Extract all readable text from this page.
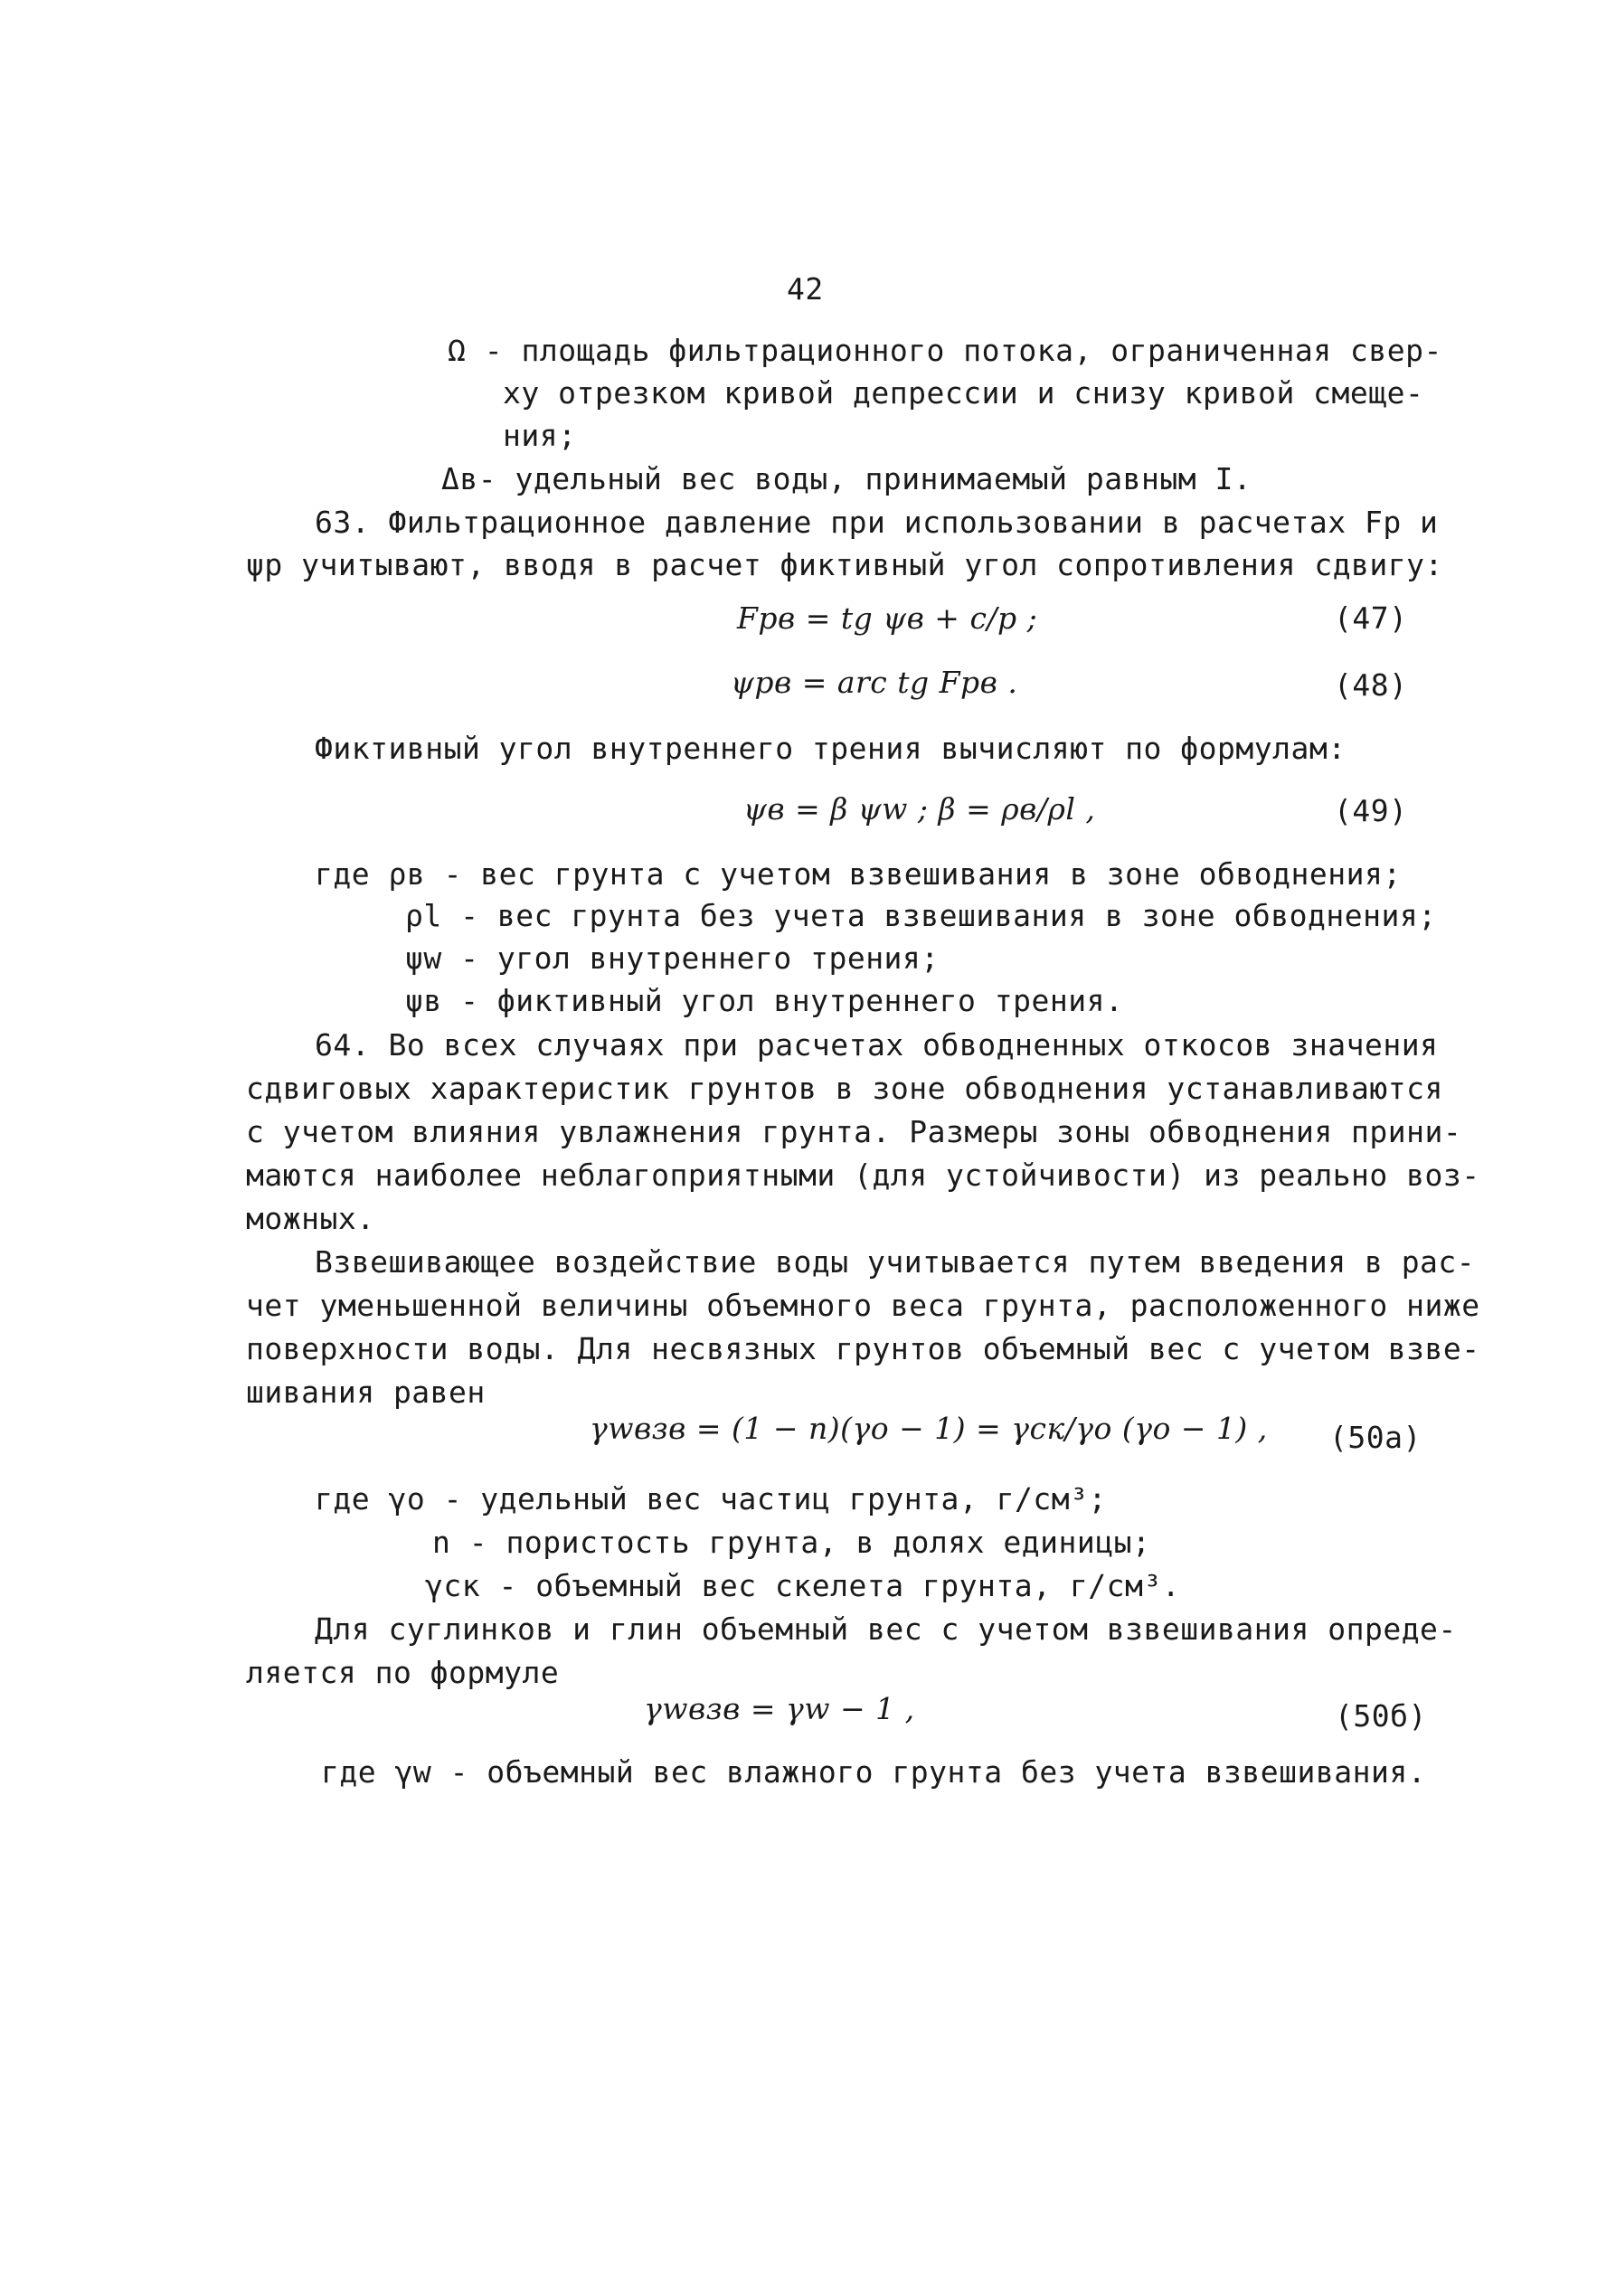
42
Ω - площадь фильтрационного потока, ограниченная свер-
ху отрезком кривой депрессии и снизу кривой смеще-
ния;
Δв- удельный вес воды, принимаемый равным I.
63. Фильтрационное давление при использовании в расчетах Fp и
ψp учитывают, вводя в расчет фиктивный угол сопротивления сдвигу:
Fpв = tg ψв + c/p ;	(47)
ψpв = arc tg Fpв .	(48)
Фиктивный угол внутреннего трения вычисляют по формулам:
ψв = β ψw ; β = ρв/ρl ,	(49)
где ρв - вес грунта с учетом взвешивания в зоне обводнения;
ρl - вес грунта без учета взвешивания в зоне обводнения;
ψw - угол внутреннего трения;
ψв - фиктивный угол внутреннего трения.
64. Во всех случаях при расчетах обводненных откосов значения
сдвиговых характеристик грунтов в зоне обводнения устанавливаются
с учетом влияния увлажнения грунта. Размеры зоны обводнения прини-
маются наиболее неблагоприятными (для устойчивости) из реально воз-
можных.
Взвешивающее воздействие воды учитывается путем введения в рас-
чет уменьшенной величины объемного веса грунта, расположенного ниже
поверхности воды. Для несвязных грунтов объемный вес с учетом взве-
шивания равен
γwвзв = (1 − n)(γо − 1) = γск/γо (γо − 1) , (50а)
где γо - удельный вес частиц грунта, г/см³;
n - пористость грунта, в долях единицы;
γск - объемный вес скелета грунта, г/см³.
Для суглинков и глин объемный вес с учетом взвешивания опреде-
ляется по формуле
γwвзв = γw − 1 ,	(50б)
где γw - объемный вес влажного грунта без учета взвешивания.
